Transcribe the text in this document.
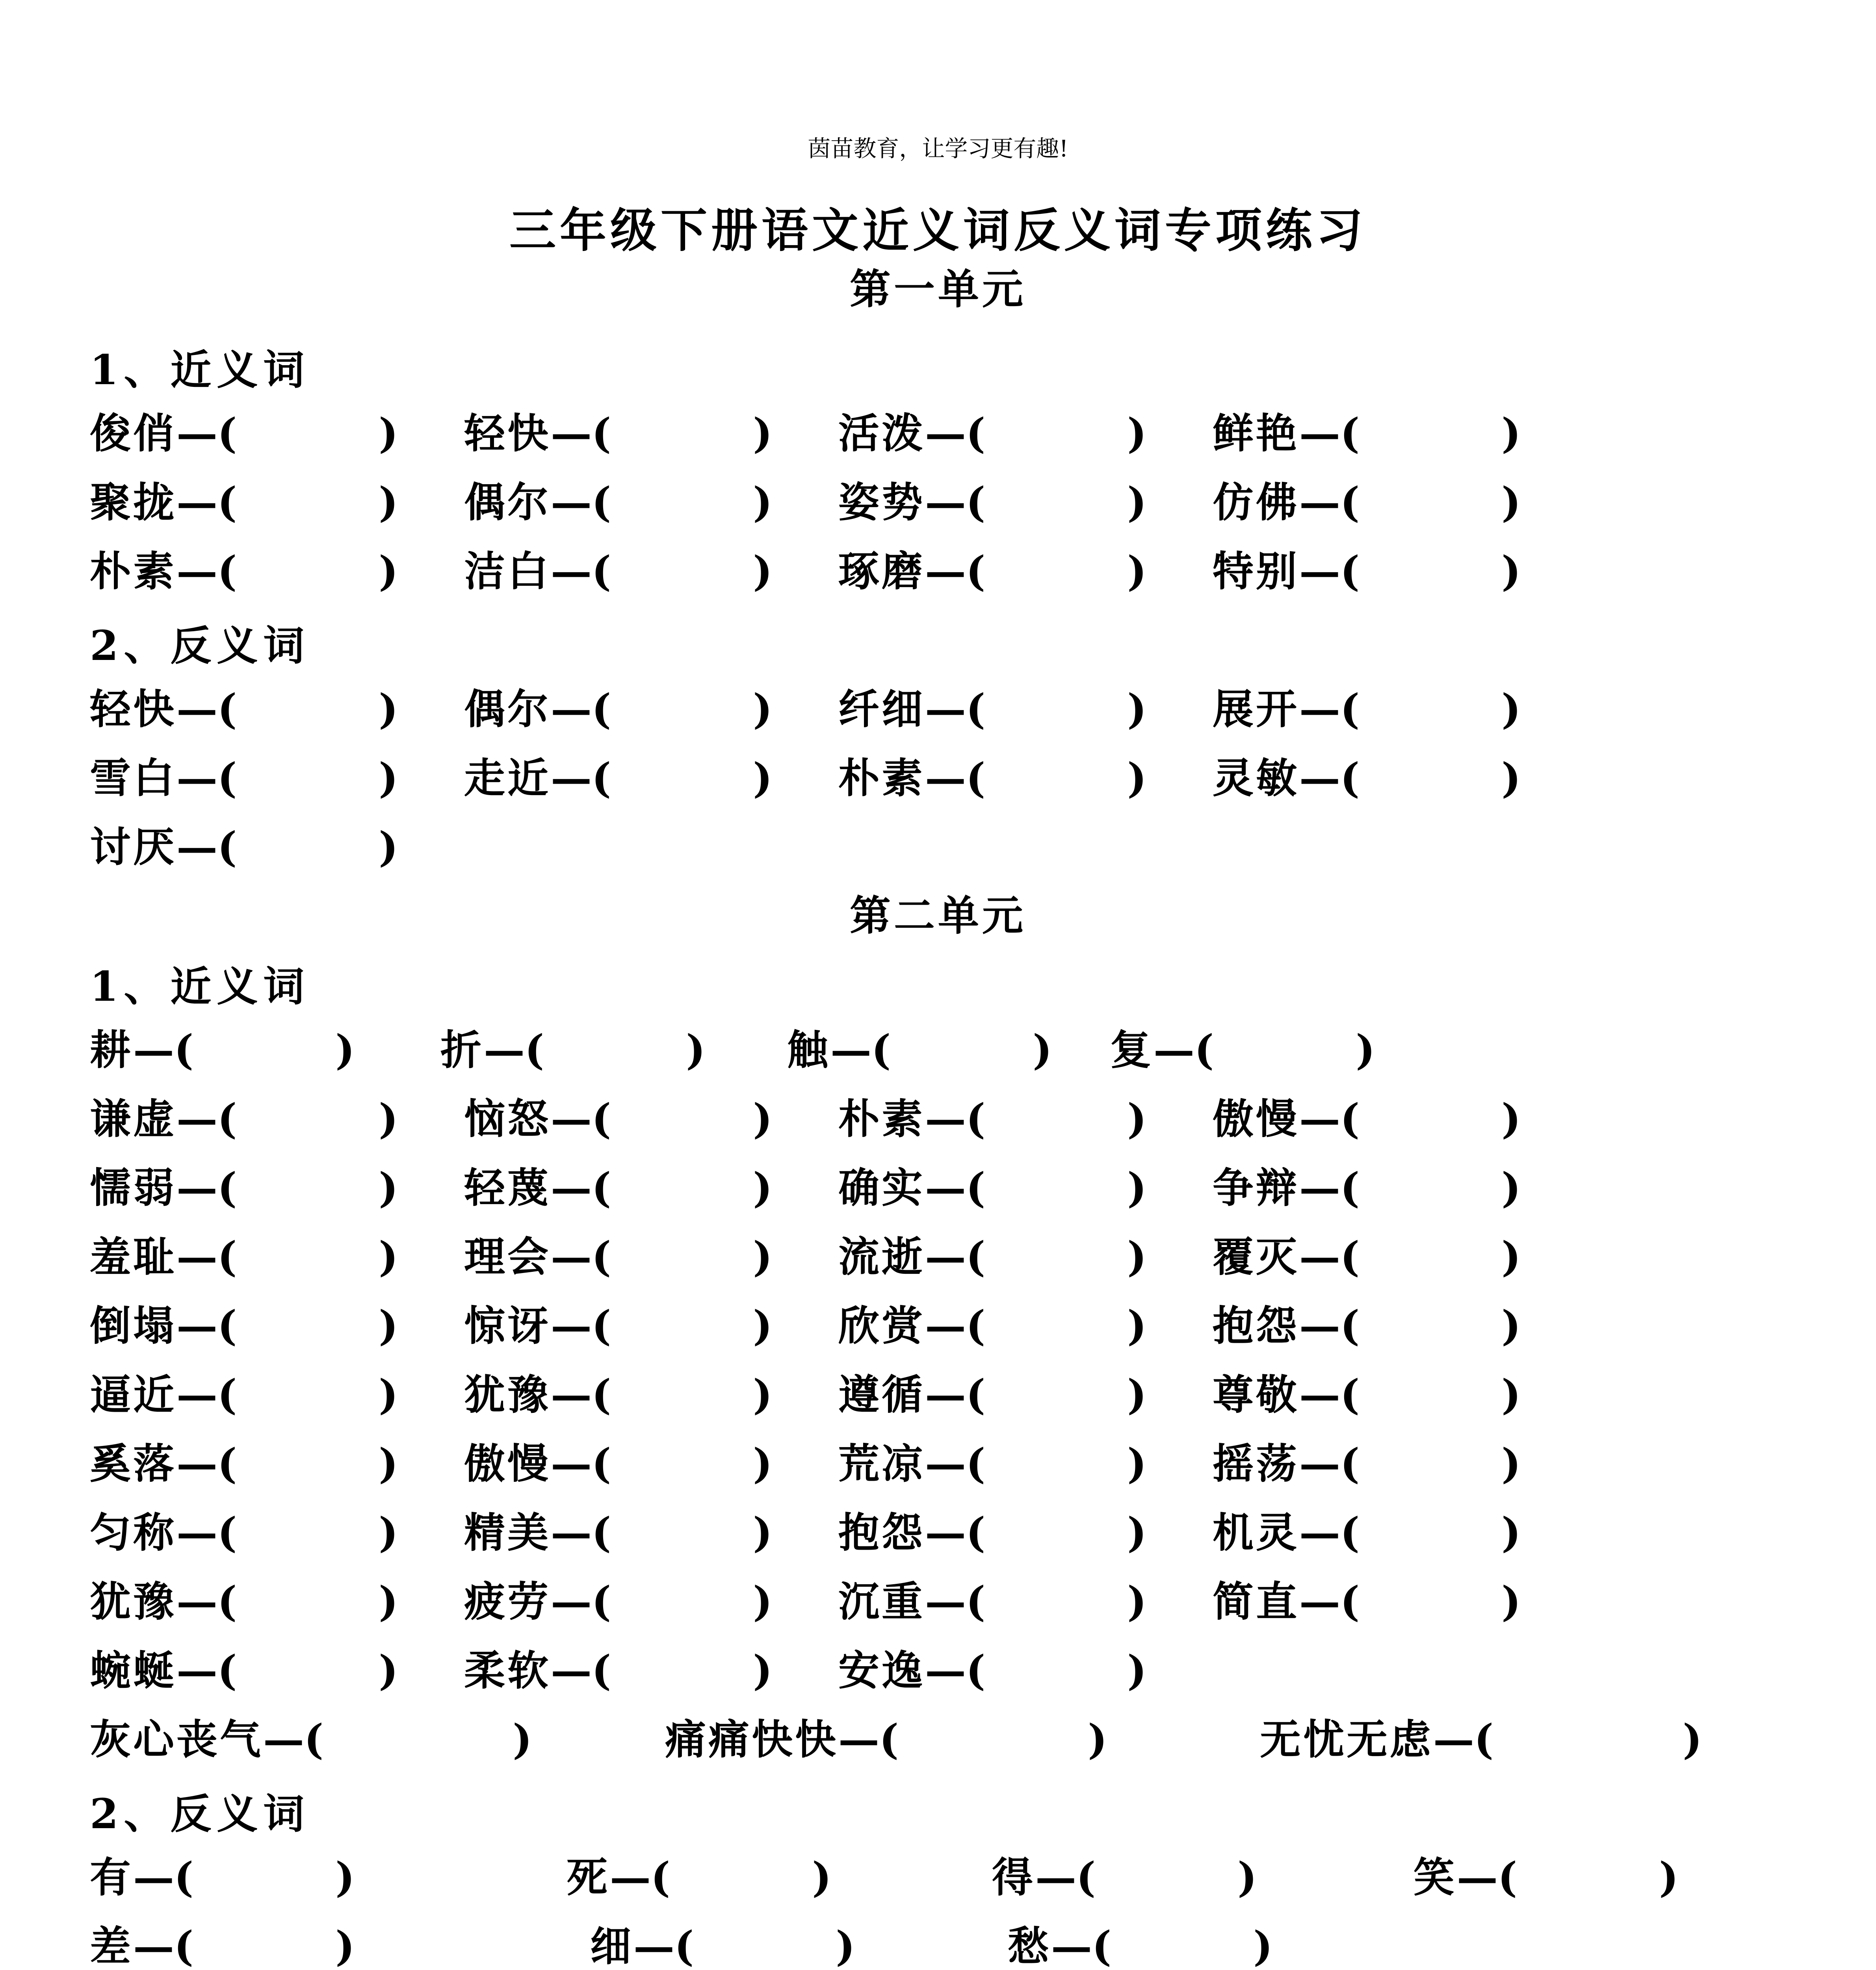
茵苗教育，让学习更有趣!
三年级下册语文近义词反义词专项练习
第一单元
1、近义词
俊俏—(	) 轻快—(	) 活泼—(	) 鲜艳—(	)
聚拢—(	) 偶尔—(	) 姿势—(	) 仿佛—(	)
朴素—(	) 洁白—(	) 琢磨—(	) 特别—(	)
2、反义词
轻快—(	) 偶尔—(	) 纤细—(	) 展开—(	)
雪白—(	) 走近—(	) 朴素—(	) 灵敏—(	)
讨厌—(	)
第二单元
1、近义词
耕—(	) 折—(	) 触—(	) 复—(	)
谦虚—(	) 恼怒—(	) 朴素—(	) 傲慢—(	)
懦弱—(	) 轻蔑—(	) 确实—(	) 争辩—(	)
羞耻—(	) 理会—(	) 流逝—(	) 覆灭—(	)
倒塌—(	) 惊讶—(	) 欣赏—(	) 抱怨—(	)
逼近—(	) 犹豫—(	) 遵循—(	) 尊敬—(	)
奚落—(	) 傲慢—(	) 荒凉—(	) 摇荡—(	)
匀称—(	) 精美—(	) 抱怨—(	) 机灵—(	)
犹豫—(	) 疲劳—(	) 沉重—(	) 简直—(	)
蜿蜒—(	) 柔软—(	) 安逸—(	)
灰心丧气—(	)	痛痛快快—(	)	无忧无虑—(	)
2、反义词
有—(	)	死—(	)	得—(	)	笑—(	)
差—(	)	细—(	)	愁—(	)
